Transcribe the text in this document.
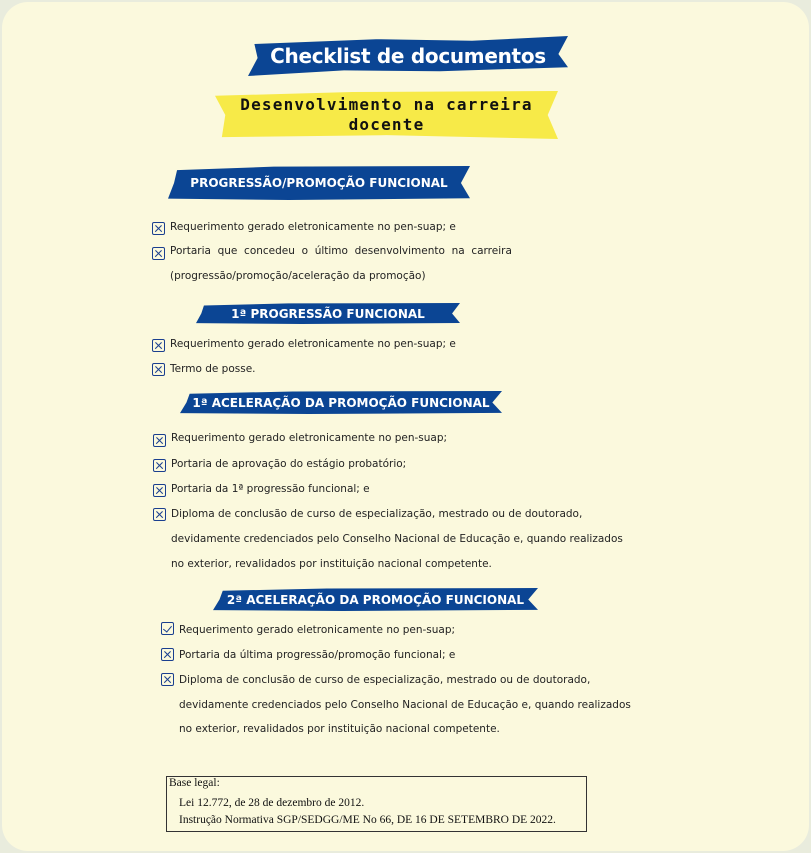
Checklist de documentos
Desenvolvimento na carreira
docente
PROGRESSÃO/PROMOÇÃO FUNCIONAL
Requerimento gerado eletronicamente no pen-suap; e
Portaria  que  concedeu  o  último  desenvolvimento  na  carreira
(progressão/promoção/aceleração da promoção)
1ª PROGRESSÃO FUNCIONAL
Requerimento gerado eletronicamente no pen-suap; e
Termo de posse.
1ª ACELERAÇÃO DA PROMOÇÃO FUNCIONAL
Requerimento gerado eletronicamente no pen-suap;
Portaria de aprovação do estágio probatório;
Portaria da 1ª progressão funcional; e
Diploma de conclusão de curso de especialização, mestrado ou de doutorado,
devidamente credenciados pelo Conselho Nacional de Educação e, quando realizados
no exterior, revalidados por instituição nacional competente.
2ª ACELERAÇÃO DA PROMOÇÃO FUNCIONAL
Requerimento gerado eletronicamente no pen-suap;
Portaria da última progressão/promoção funcional; e
Diploma de conclusão de curso de especialização, mestrado ou de doutorado,
devidamente credenciados pelo Conselho Nacional de Educação e, quando realizados
no exterior, revalidados por instituição nacional competente.
Base legal:
Lei 12.772, de 28 de dezembro de 2012.
Instrução Normativa SGP/SEDGG/ME No 66, DE 16 DE SETEMBRO DE 2022.
